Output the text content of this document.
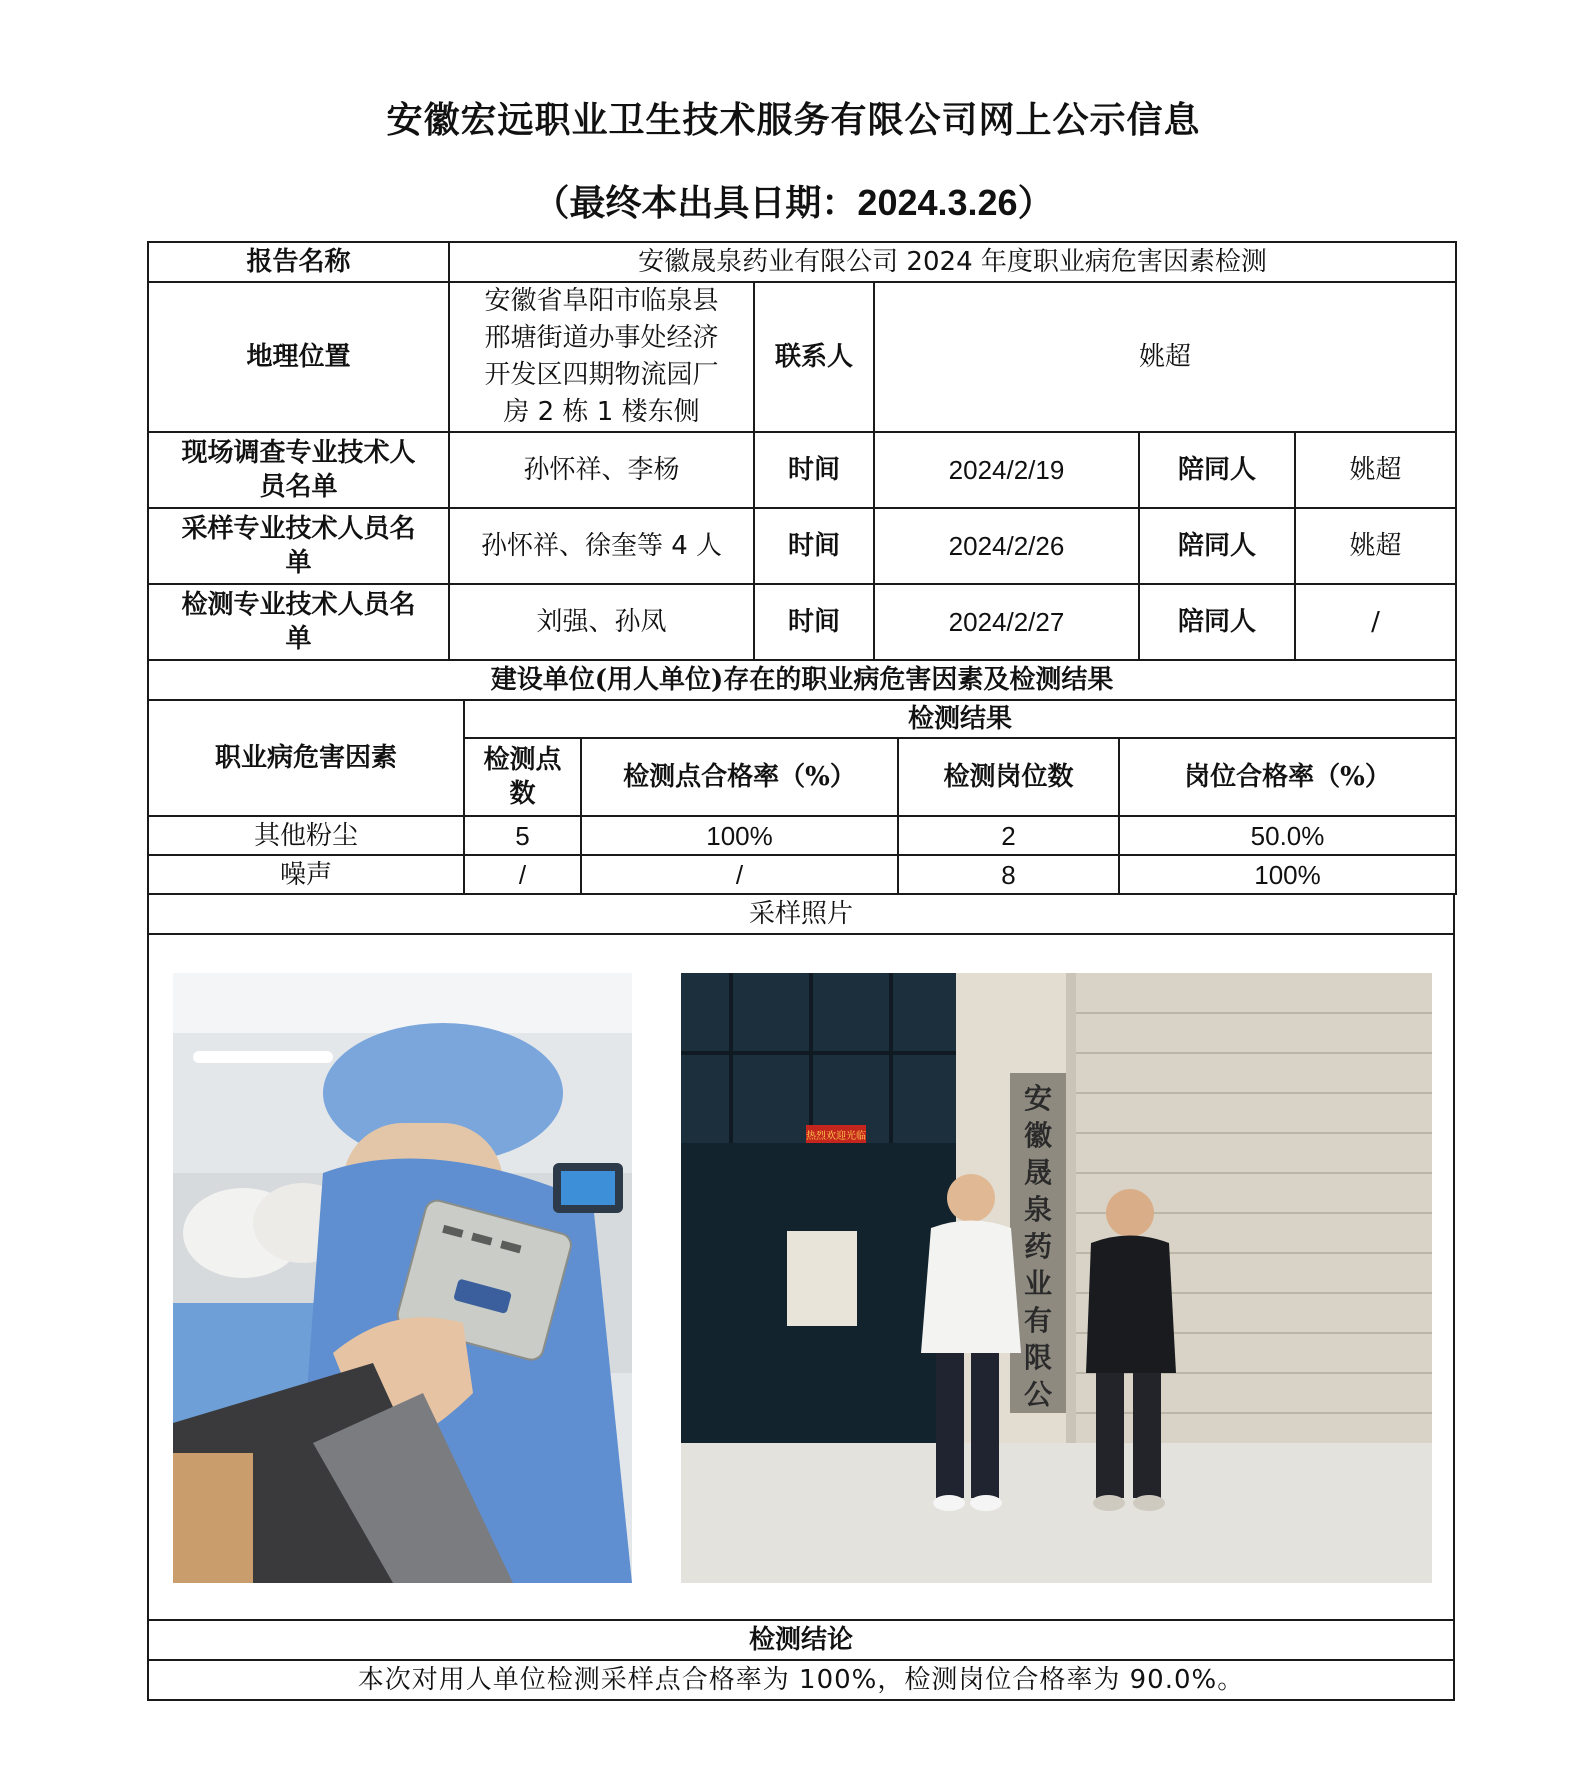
安徽宏远职业卫生技术服务有限公司网上公示信息
（最终本出具日期：2024.3.26）
报告名称	安徽晟泉药业有限公司 2024 年度职业病危害因素检测				
地理位置	安徽省阜阳市临泉县邢塘街道办事处经济开发区四期物流园厂房 2 栋 1 楼东侧	联系人	姚超		
现场调查专业技术人员名单	孙怀祥、李杨	时间	2024/2/19	陪同人	姚超
采样专业技术人员名单	孙怀祥、徐奎等 4 人	时间	2024/2/26	陪同人	姚超
检测专业技术人员名单	刘强、孙凤	时间	2024/2/27	陪同人	/
建设单位(用人单位)存在的职业病危害因素及检测结果				
职业病危害因素	检测结果			
	检测点数	检测点合格率（%）	检测岗位数	岗位合格率（%）
其他粉尘	5	100%	2	50.0%
噪声	/	/	8	100%
采样照片

热烈欢迎光临
安徽晟泉药业有限公

检测结论
本次对用人单位检测采样点合格率为 100%，检测岗位合格率为 90.0%。
